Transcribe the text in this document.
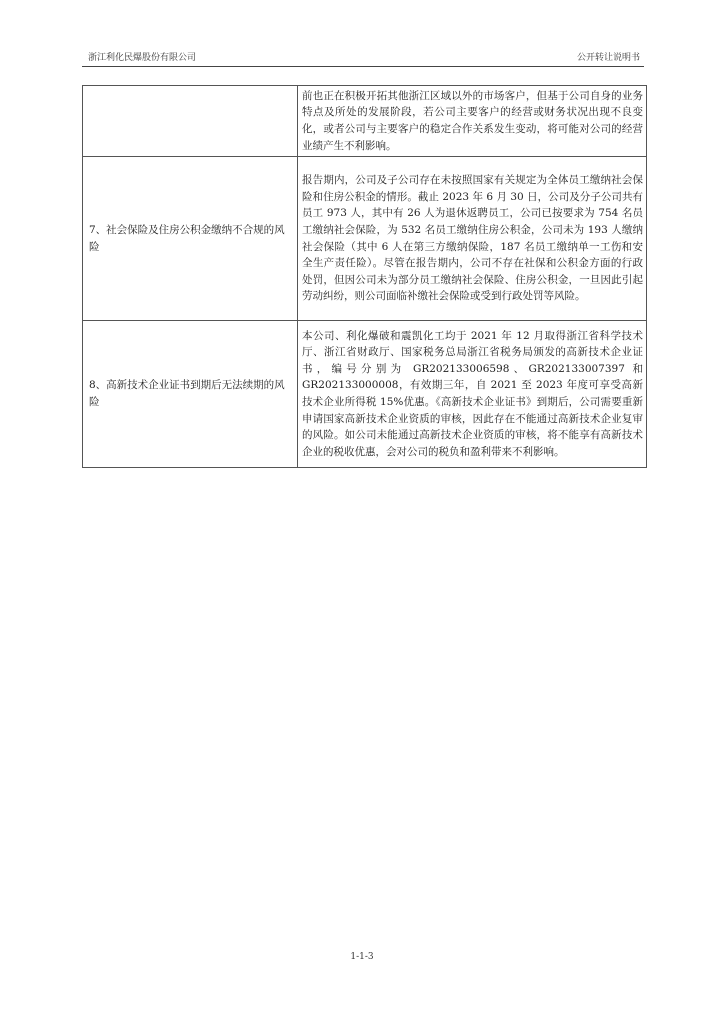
浙江利化民爆股份有限公司	公开转让说明书

	前也正在积极开拓其他浙江区域以外的市场客户，但基于公司自身的业务特点及所处的发展阶段，若公司主要客户的经营或财务状况出现不良变化，或者公司与主要客户的稳定合作关系发生变动，将可能对公司的经营业绩产生不利影响。

7、社会保险及住房公积金缴纳不合规的风险	报告期内，公司及子公司存在未按照国家有关规定为全体员工缴纳社会保险和住房公积金的情形。截止 2023 年 6 月 30 日，公司及分子公司共有员工 973 人，其中有 26 人为退休返聘员工，公司已按要求为 754 名员工缴纳社会保险，为 532 名员工缴纳住房公积金，公司未为 193 人缴纳社会保险（其中 6 人在第三方缴纳保险，187 名员工缴纳单一工伤和安全生产责任险）。尽管在报告期内，公司不存在社保和公积金方面的行政处罚，但因公司未为部分员工缴纳社会保险、住房公积金，一旦因此引起劳动纠纷，则公司面临补缴社会保险或受到行政处罚等风险。

8、高新技术企业证书到期后无法续期的风险	本公司、利化爆破和震凯化工均于 2021 年 12 月取得浙江省科学技术厅、浙江省财政厅、国家税务总局浙江省税务局颁发的高新技术企业证书，编号分别为 GR202133006598、GR202133007397 和 GR202133000008，有效期三年，自 2021 至 2023 年度可享受高新技术企业所得税 15%优惠。《高新技术企业证书》到期后，公司需要重新申请国家高新技术企业资质的审核，因此存在不能通过高新技术企业复审的风险。如公司未能通过高新技术企业资质的审核，将不能享有高新技术企业的税收优惠，会对公司的税负和盈利带来不利影响。
1-1-3
